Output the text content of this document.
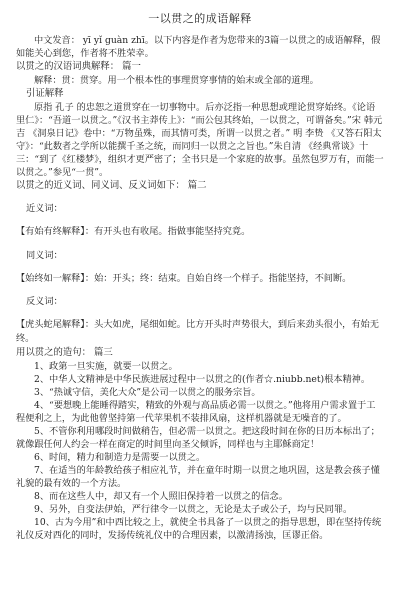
一以贯之的成语解释

中文发音： yī yǐ guàn zhī。以下内容是作者为您带来的3篇一以贯之的成语解释，假如能关心到您，作者将不胜荣幸。

以贯之的汉语词典解释： 篇一

解释：贯：贯穿。用一个根本性的事理贯穿事情的始末或全部的道理。

引证解释

原指 孔子 的忠恕之道贯穿在一切事物中。后亦泛指一种思想或理论贯穿始终。《论语里仁》：“吾道一以贯之。”《汉书主莽传上》：“而公包其终始，一以贯之，可谓备矣。”宋 韩元吉 《洞泉日记》卷中：“万物虽殊，而其情可类，所谓一以贯之者。” 明 李贽 《又答石阳太守》：“此数者之学所以能撰千圣之统，而同归一以贯之之旨也。”朱自清 《经典常谈》十三：“到了《红楼梦》，组织才更严密了；全书只是一个家庭的故事。虽然包罗万有，而能一以贯之。”参见“一贯”。

以贯之的近义词、同义词、反义词如下： 篇二

近义词：

【有始有终解释】：有开头也有收尾。指做事能坚持究竟。

同义词：

【始终如一解释】：始：开头；终：结束。自始自终一个样子。指能坚持，不间断。

反义词：

【虎头蛇尾解释】：头大如虎，尾细如蛇。比方开头时声势很大，到后来劲头很小，有始无终。

用以贯之的造句： 篇三

1、政第一旦实施，就要一以贯之。

2、中华人文精神是中华民族进展过程中一以贯之的(作者☆.niubb.net)根本精神。

3、“热诚守信，美化大众”是公司一以贯之的服务宗旨。

4、“要想晚上能睡得踏实，精致的外观与高品质必需一以贯之。”他将用户需求置于工程便利之上，为此他曾坚持第一代苹果机不装排风扇，这样机器就是无噪音的了。

5、不管你利用哪段时间做稍告，但必需一以贯之。把这段时间在你的日历本标出了；就像跟任何人约会一样在商定的时间里向圣父倾诉，同样也与主耶稣商定！

6、时间，精力和制造力是需要一以贯之。

7、在适当的年龄教给孩子相应礼节，并在童年时期一以贯之地巩固，这是教会孩子懂礼貌的最有效的一个方法。

8、而在这些人中，却又有一个人照旧保持着一以贯之的信念。

9、另外，自变法伊始，严行律令一以贯之，无论是太子或公子，均与民同罪。

10、古为今用”和中西比较之上，就使全书具备了一以贯之的指导思想，即在坚持传统礼仪反对西化的同时，发扬传统礼仪中的合理因素，以激清扬浊，匡谬正俗。
